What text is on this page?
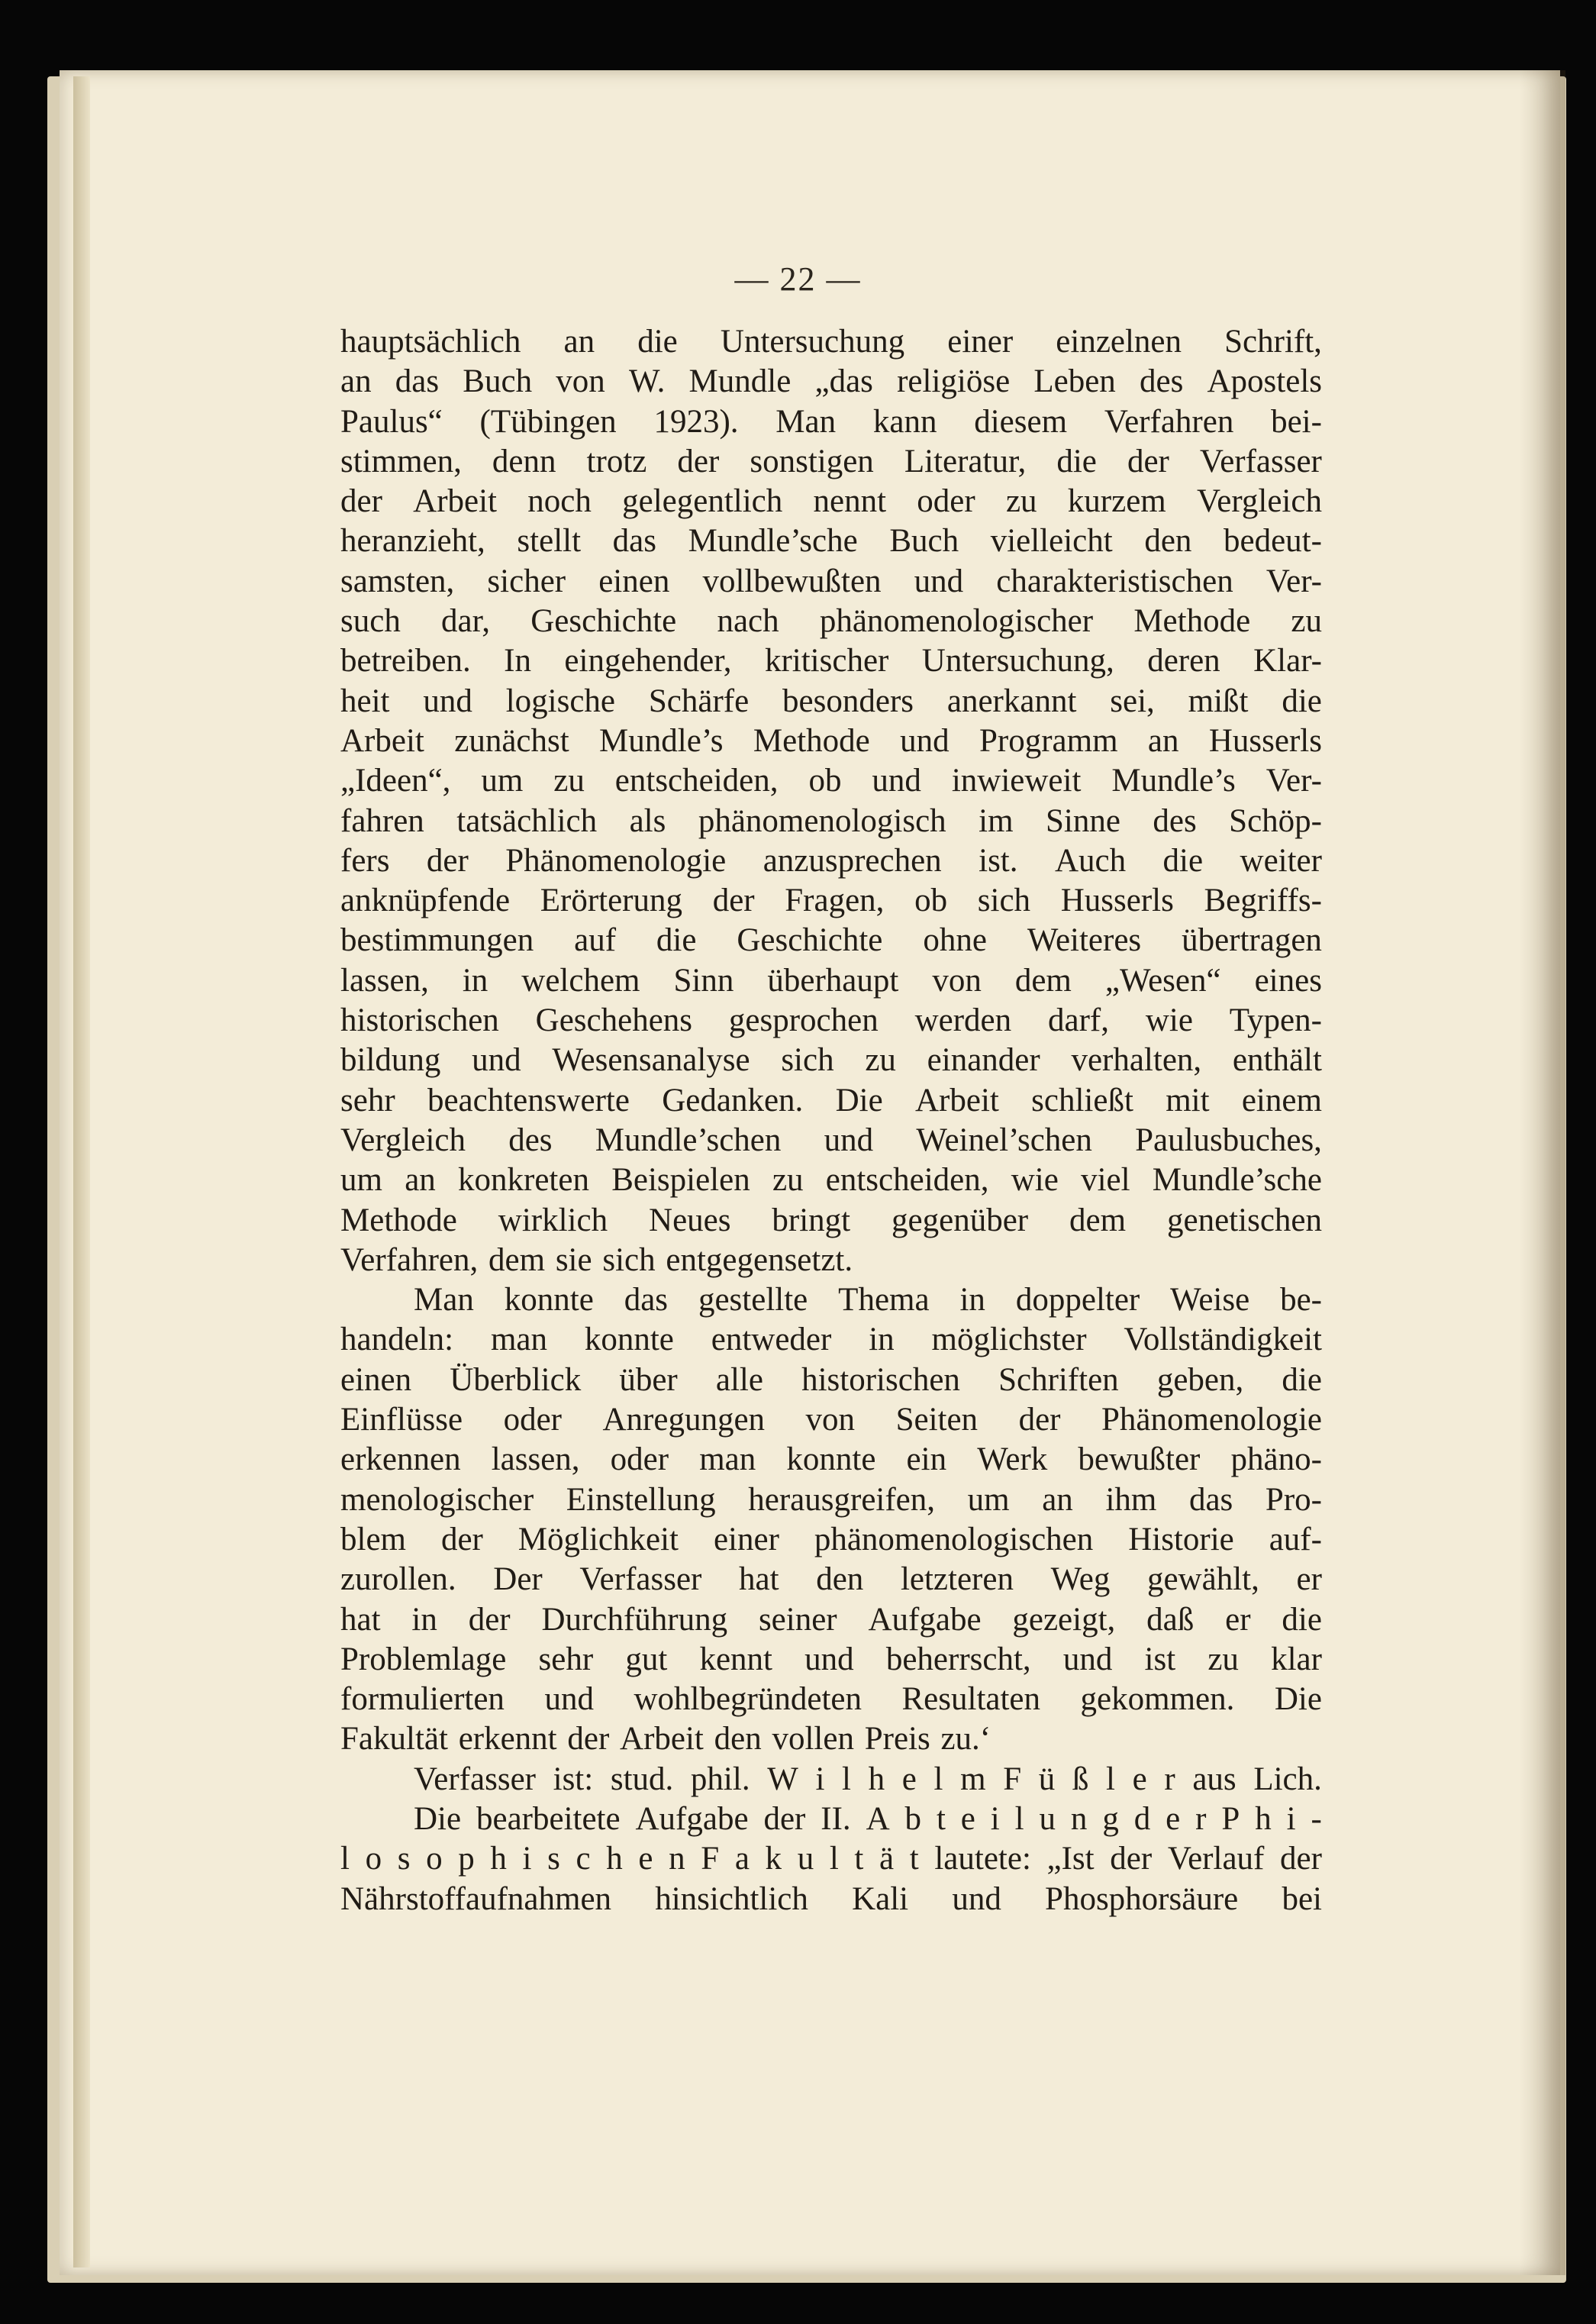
— 22 —
hauptsächlich an die Untersuchung einer einzelnen Schrift,
an das Buch von W. Mundle „das religiöse Leben des Apostels
Paulus“ (Tübingen 1923). Man kann diesem Verfahren bei-
stimmen, denn trotz der sonstigen Literatur, die der Verfasser
der Arbeit noch gelegentlich nennt oder zu kurzem Vergleich
heranzieht, stellt das Mundle’sche Buch vielleicht den bedeut-
samsten, sicher einen vollbewußten und charakteristischen Ver-
such dar, Geschichte nach phänomenologischer Methode zu
betreiben. In eingehender, kritischer Untersuchung, deren Klar-
heit und logische Schärfe besonders anerkannt sei, mißt die
Arbeit zunächst Mundle’s Methode und Programm an Husserls
„Ideen“, um zu entscheiden, ob und inwieweit Mundle’s Ver-
fahren tatsächlich als phänomenologisch im Sinne des Schöp-
fers der Phänomenologie anzusprechen ist. Auch die weiter
anknüpfende Erörterung der Fragen, ob sich Husserls Begriffs-
bestimmungen auf die Geschichte ohne Weiteres übertragen
lassen, in welchem Sinn überhaupt von dem „Wesen“ eines
historischen Geschehens gesprochen werden darf, wie Typen-
bildung und Wesensanalyse sich zu einander verhalten, enthält
sehr beachtenswerte Gedanken. Die Arbeit schließt mit einem
Vergleich des Mundle’schen und Weinel’schen Paulusbuches,
um an konkreten Beispielen zu entscheiden, wie viel Mundle’sche
Methode wirklich Neues bringt gegenüber dem genetischen
Verfahren, dem sie sich entgegensetzt.
Man konnte das gestellte Thema in doppelter Weise be-
handeln: man konnte entweder in möglichster Vollständigkeit
einen Überblick über alle historischen Schriften geben, die
Einflüsse oder Anregungen von Seiten der Phänomenologie
erkennen lassen, oder man konnte ein Werk bewußter phäno-
menologischer Einstellung herausgreifen, um an ihm das Pro-
blem der Möglichkeit einer phänomenologischen Historie auf-
zurollen. Der Verfasser hat den letzteren Weg gewählt, er
hat in der Durchführung seiner Aufgabe gezeigt, daß er die
Problemlage sehr gut kennt und beherrscht, und ist zu klar
formulierten und wohlbegründeten Resultaten gekommen. Die
Fakultät erkennt der Arbeit den vollen Preis zu.‘
Verfasser ist: stud. phil. W i l h e l m F ü ß l e r aus Lich.
Die bearbeitete Aufgabe der II. A b t e i l u n g d e r P h i -
l o s o p h i s c h e n F a k u l t ä t lautete: „Ist der Verlauf der
Nährstoffaufnahmen hinsichtlich Kali und Phosphorsäure bei
